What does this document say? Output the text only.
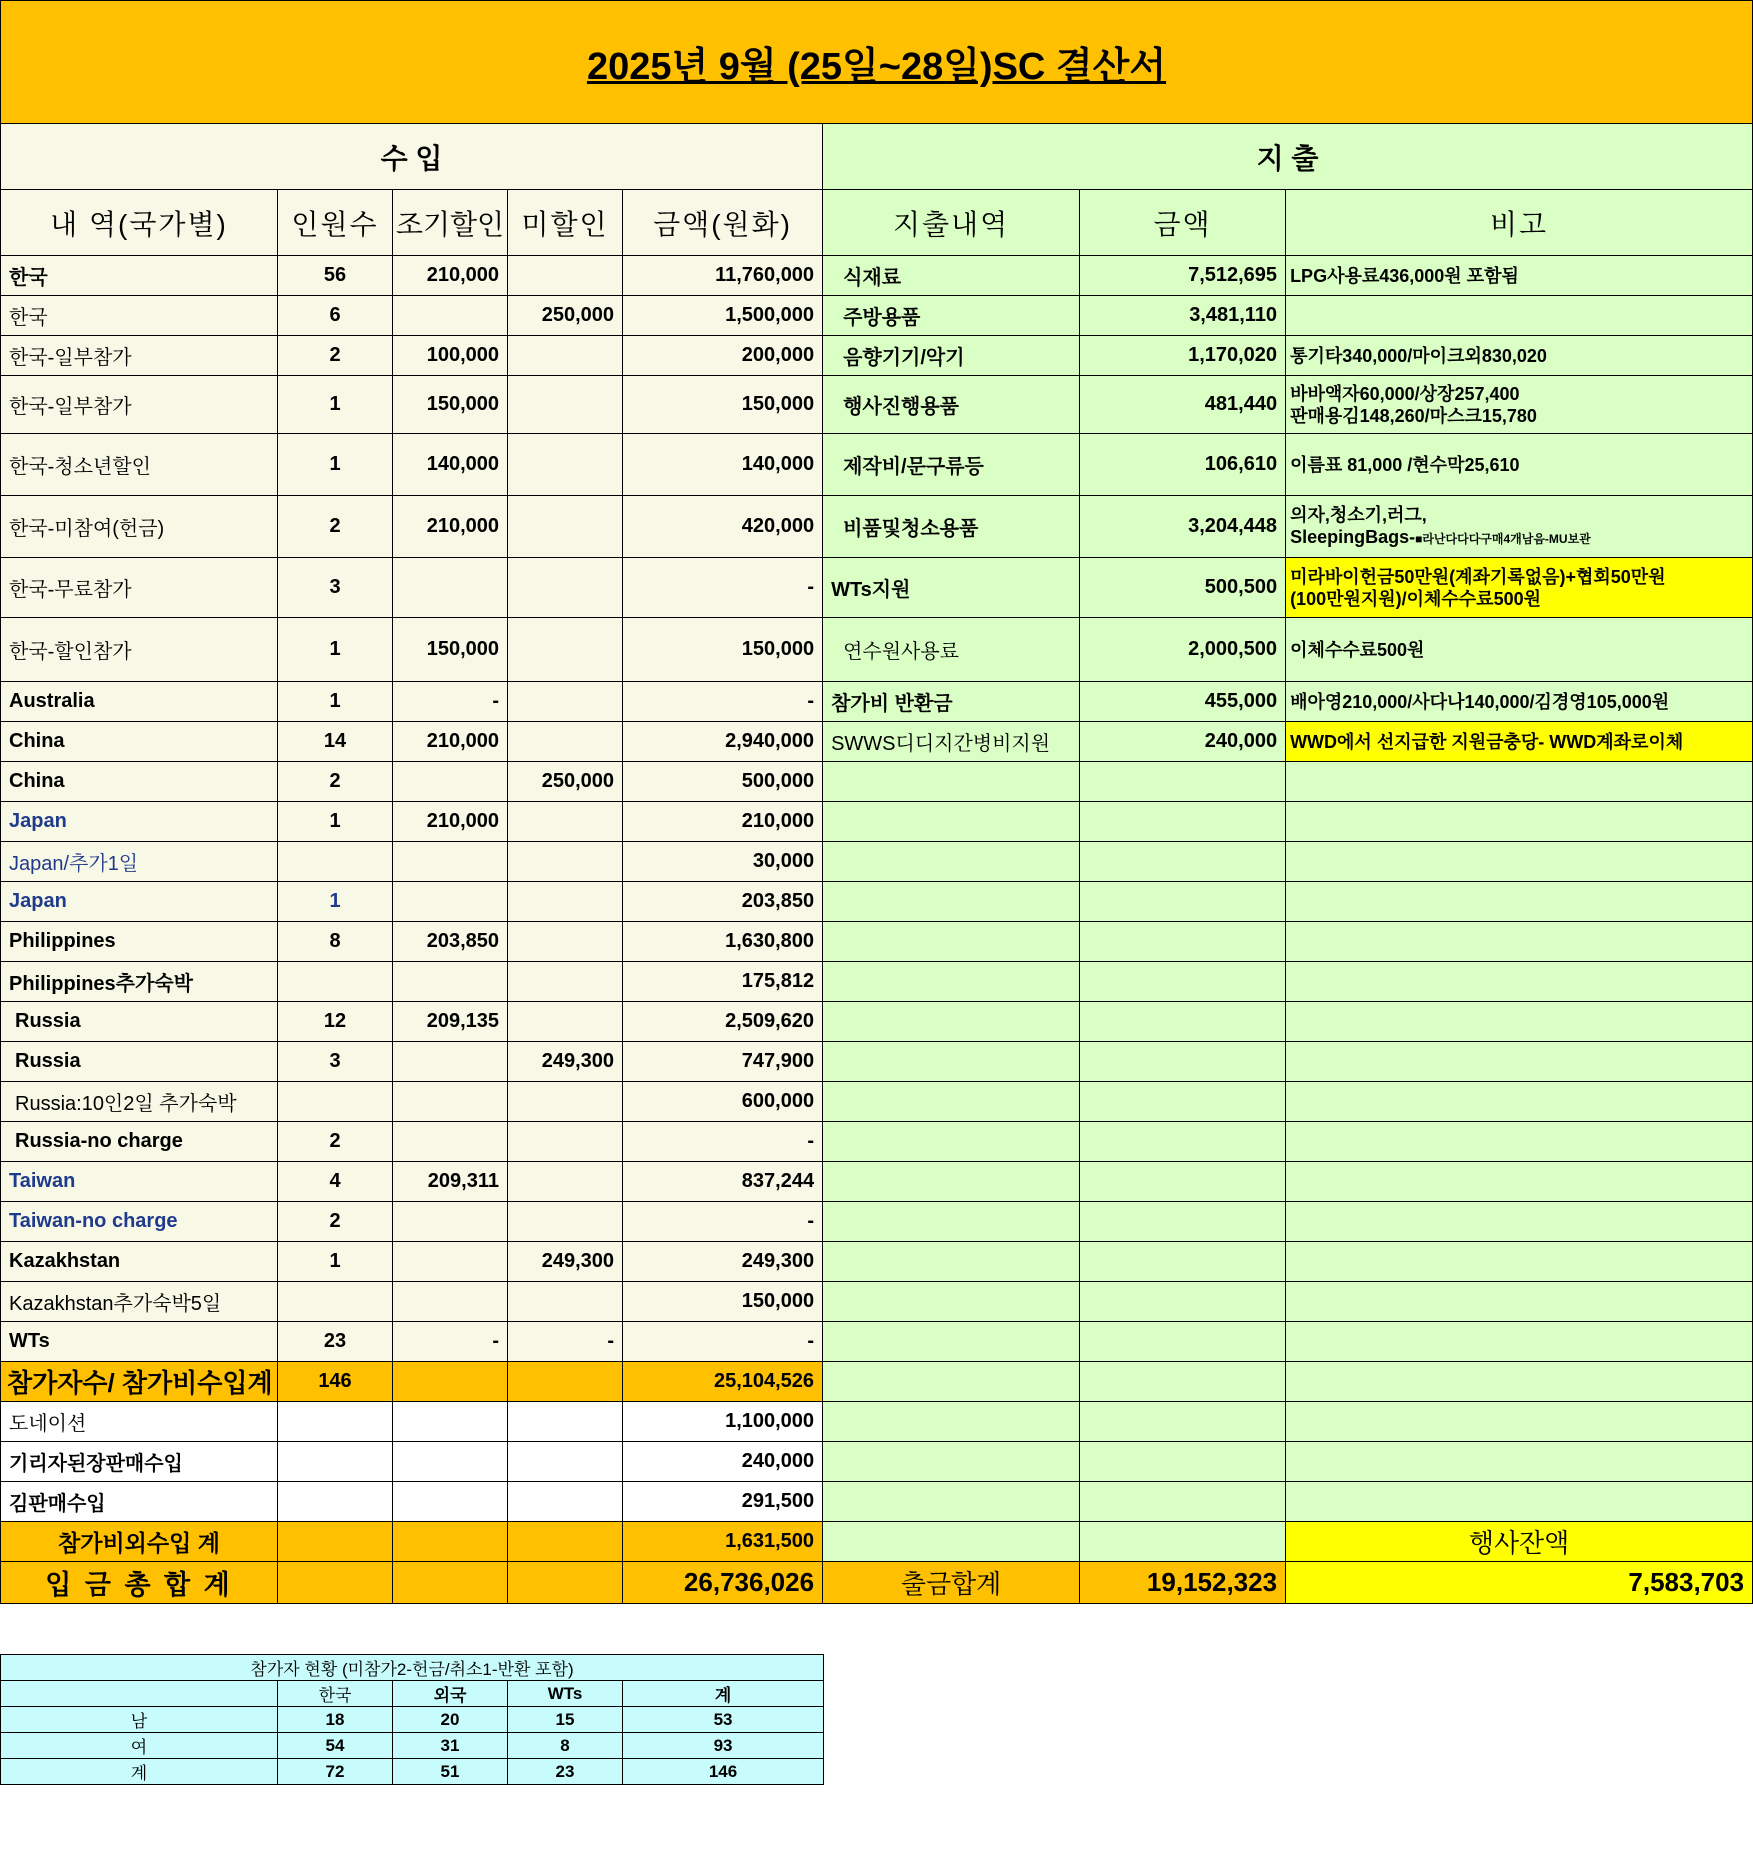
2025년 9월 (25일~28일)SC 결산서
수 입					지 출		
내 역(국가별)	인원수	조기할인	미할인	금액(원화)	지출내역	금액	비고
한국	56	210,000		11,760,000	식재료	7,512,695	LPG사용료436,000원 포함됨

한국	6		250,000	1,500,000	주방용품	3,481,110	

한국-일부참가	2	100,000		200,000	음향기기/악기	1,170,020	통기타340,000/마이크외830,020

한국-일부참가	1	150,000		150,000	행사진행용품	481,440	바바액자60,000/상장257,400
판매용김148,260/마스크15,780

한국-청소년할인	1	140,000		140,000	제작비/문구류등	106,610	이름표 81,000 /현수막25,610

한국-미참여(헌금)	2	210,000		420,000	비품및청소용품	3,204,448	의자,청소기,러그,
SleepingBags-■라난다다다구매4개남음-MU보관

한국-무료참가	3			-	WTs지원	500,500	미라바이헌금50만원(계좌기록없음)+협회50만원
(100만원지원)/이체수수료500원

한국-할인참가	1	150,000		150,000	연수원사용료	2,000,500	이체수수료500원

Australia	1	-		-	참가비 반환금	455,000	배아영210,000/사다나140,000/김경영105,000원

China	14	210,000		2,940,000	SWWS디디지간병비지원	240,000	WWD에서 선지급한 지원금충당- WWD계좌로이체

China	2		250,000	500,000			
Japan	1	210,000		210,000			
Japan/추가1일				30,000			
Japan	1			203,850			
Philippines	8	203,850		1,630,800			
Philippines추가숙박				175,812			
Russia	12	209,135		2,509,620			
Russia	3		249,300	747,900			
Russia:10인2일 추가숙박				600,000			
Russia-no charge	2			-			
Taiwan	4	209,311		837,244			
Taiwan-no charge	2			-			
Kazakhstan	1		249,300	249,300			
Kazakhstan추가숙박5일				150,000			
WTs	23	-	-	-			
참가자수/ 참가비수입계	146			25,104,526			
도네이션				1,100,000			
기리자된장판매수입				240,000			
김판매수입				291,500			
참가비외수입 계				1,631,500			행사잔액
입 금 총 합 계				26,736,026	출금합계	19,152,323	7,583,703
참가자 현황 (미참가2-헌금/취소1-반환 포함)				
	한국	외국	WTs	계
남	18	20	15	53
여	54	31	8	93
계	72	51	23	146
